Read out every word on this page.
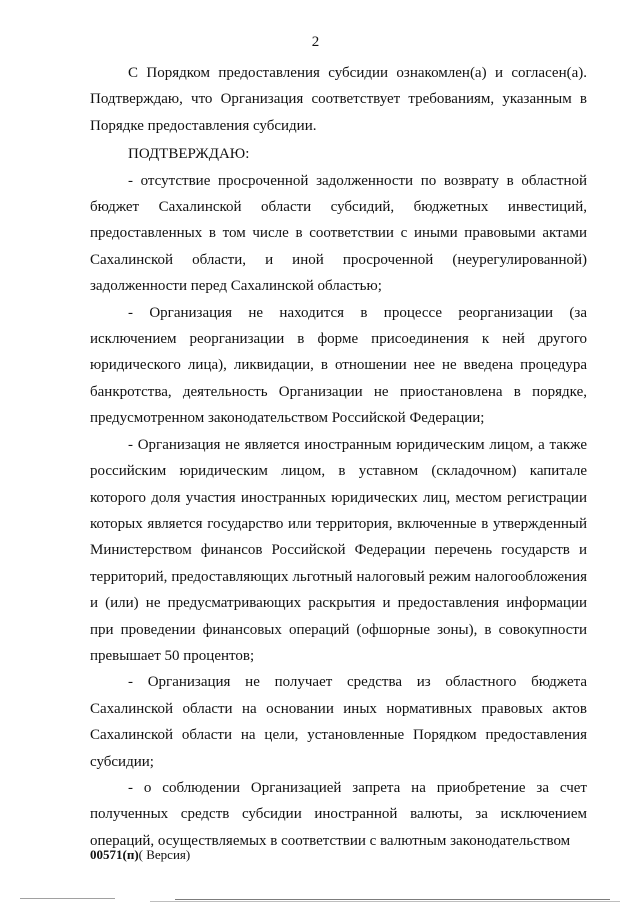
2

С Порядком предоставления субсидии ознакомлен(а) и согласен(а). Подтверждаю, что Организация соответствует требованиям, указанным в Порядке предоставления субсидии.

ПОДТВЕРЖДАЮ:

- отсутствие просроченной задолженности по возврату в областной бюджет Сахалинской области субсидий, бюджетных инвестиций, предоставленных в том числе в соответствии с иными правовыми актами Сахалинской области, и иной просроченной (неурегулированной) задолженности перед Сахалинской областью;

- Организация не находится в процессе реорганизации (за исключением реорганизации в форме присоединения к ней другого юридического лица), ликвидации, в отношении нее не введена процедура банкротства, деятельность Организации не приостановлена в порядке, предусмотренном законодательством Российской Федерации;

- Организация не является иностранным юридическим лицом, а также российским юридическим лицом, в уставном (складочном) капитале которого доля участия иностранных юридических лиц, местом регистрации которых является государство или территория, включенные в утвержденный Министерством финансов Российской Федерации перечень государств и территорий, предоставляющих льготный налоговый режим налогообложения и (или) не предусматривающих раскрытия и предоставления информации при проведении финансовых операций (офшорные зоны), в совокупности превышает 50 процентов;

- Организация не получает средства из областного бюджета Сахалинской области на основании иных нормативных правовых актов Сахалинской области на цели, установленные Порядком предоставления субсидии;

- о соблюдении Организацией запрета на приобретение за счет полученных средств субсидии иностранной валюты, за исключением операций, осуществляемых в соответствии с валютным законодательством

00571(п)( Версия)
